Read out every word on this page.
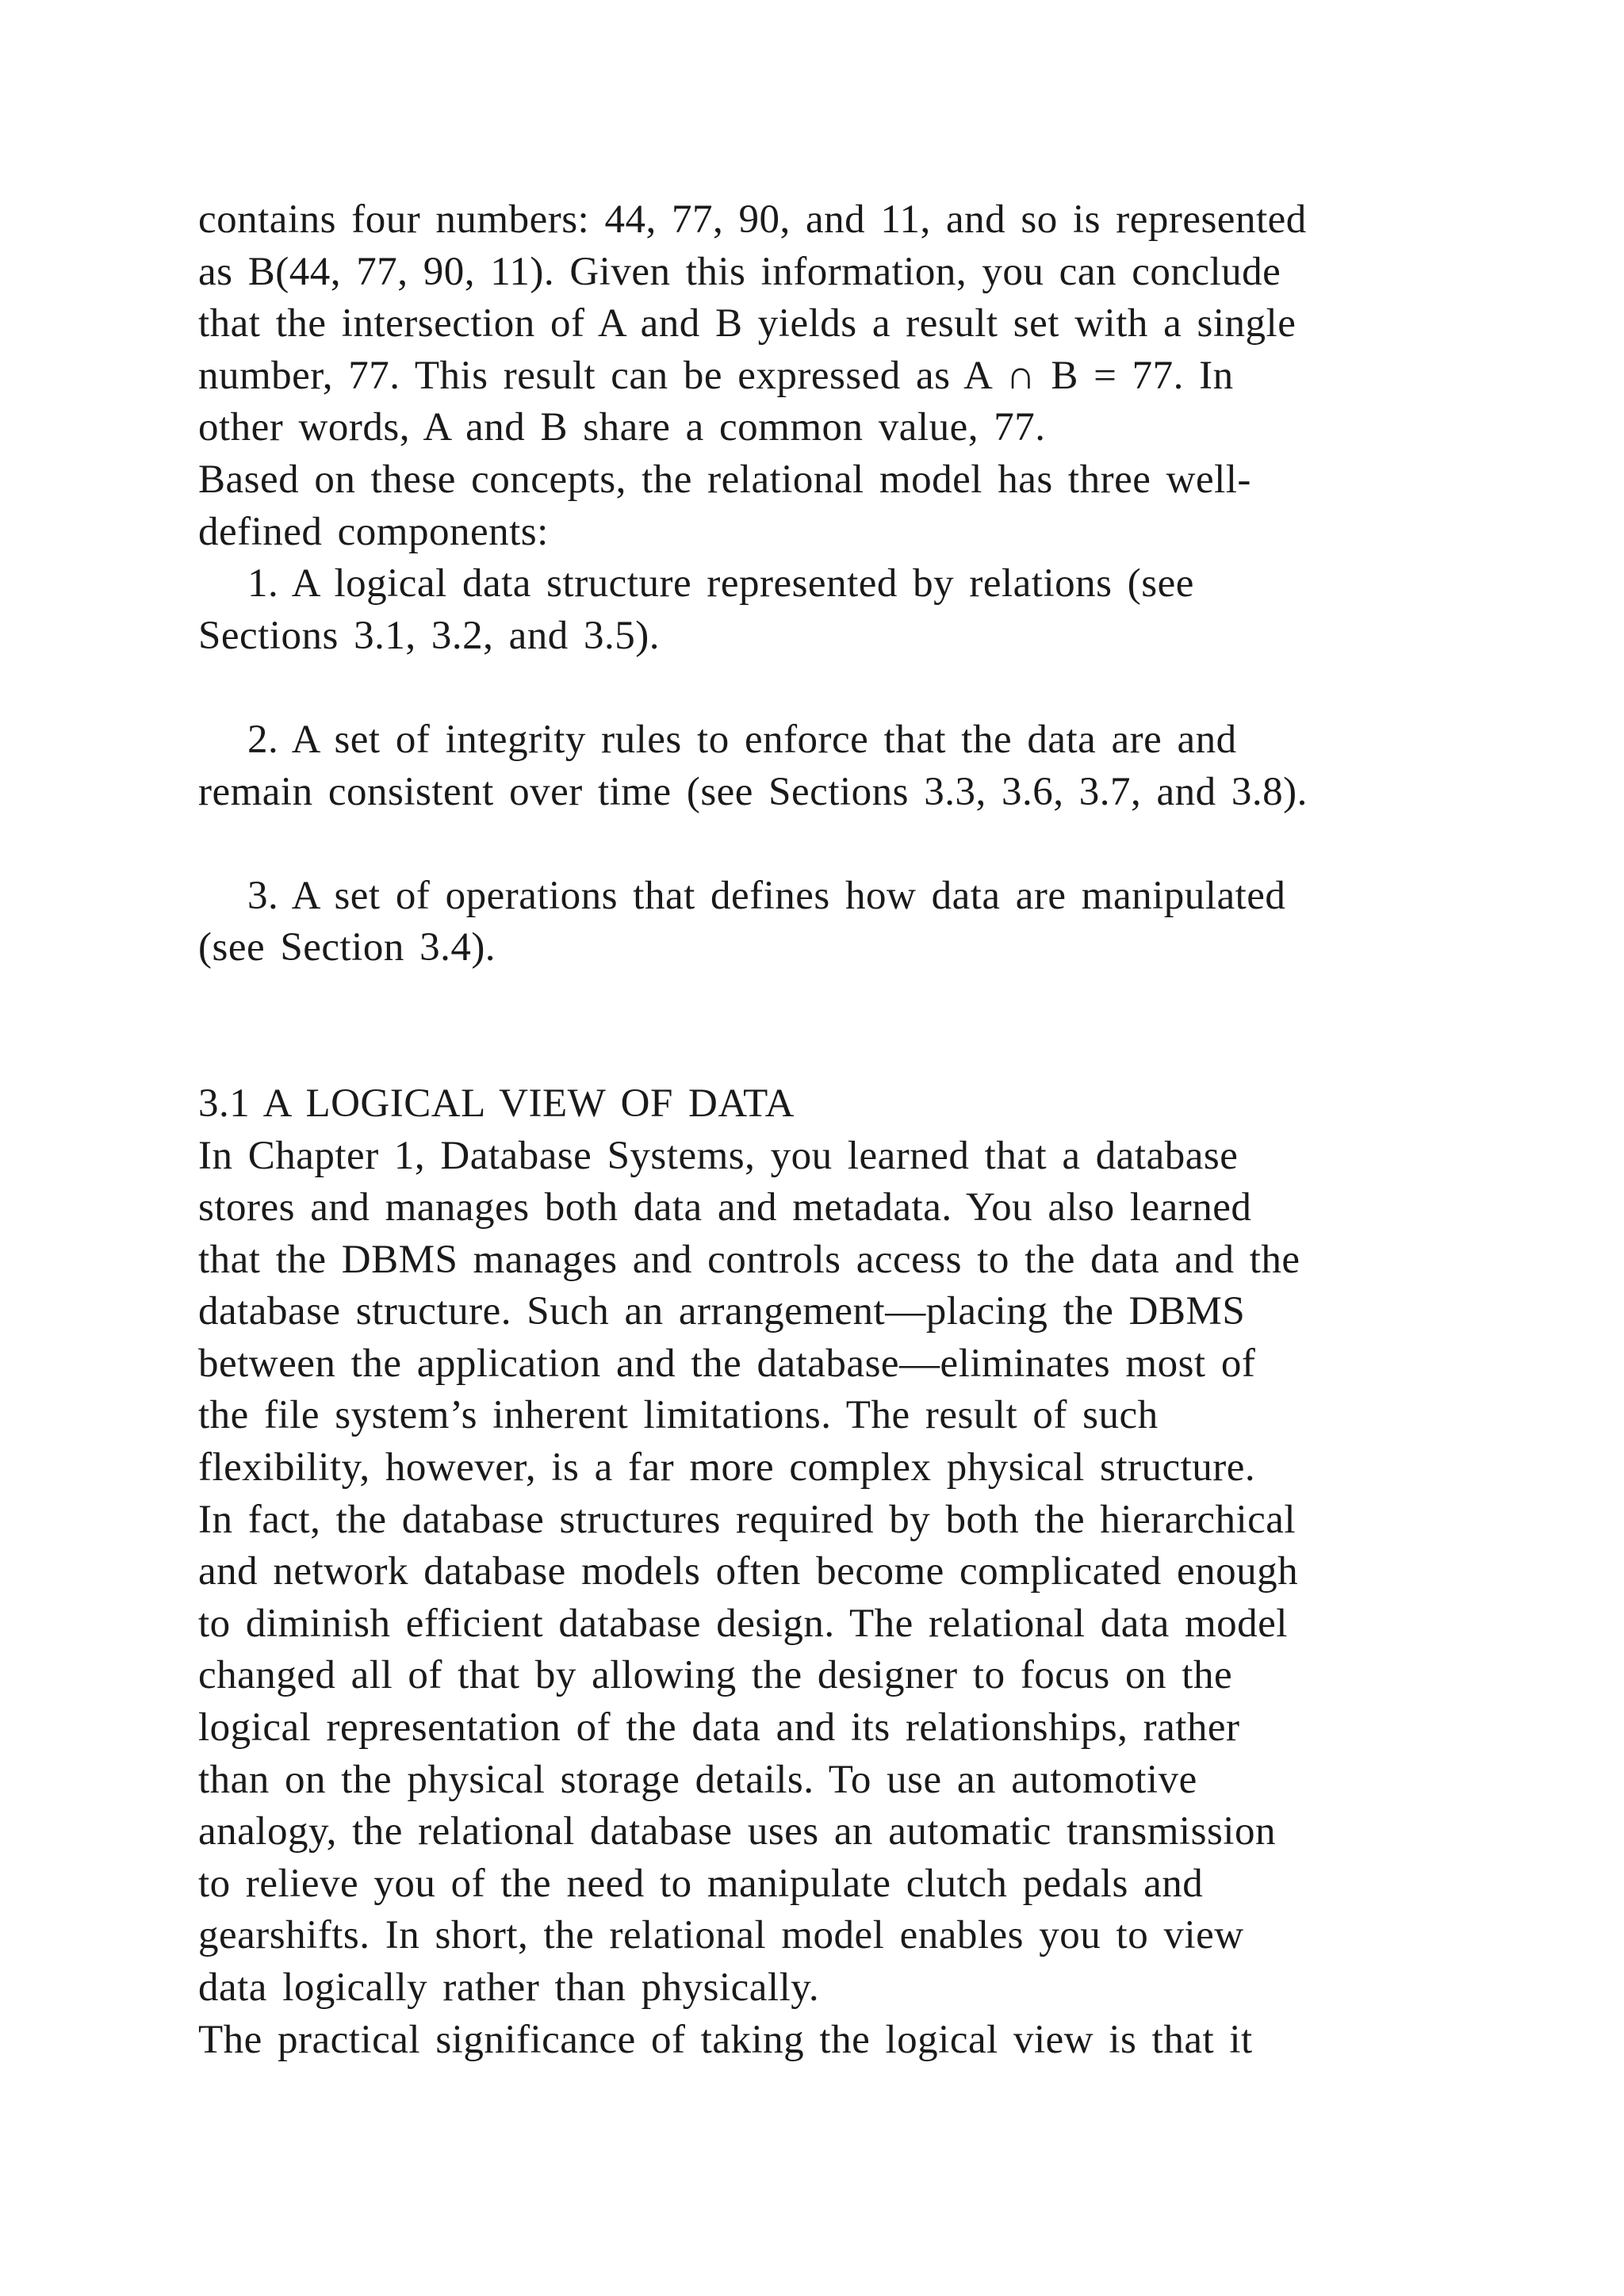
contains four numbers: 44, 77, 90, and 11, and so is represented
as B(44, 77, 90, 11). Given this information, you can conclude
that the intersection of A and B yields a result set with a single
number, 77. This result can be expressed as A ∩ B = 77. In
other words, A and B share a common value, 77.
Based on these concepts, the relational model has three well-
defined components:
1. A logical data structure represented by relations (see
Sections 3.1, 3.2, and 3.5).
2. A set of integrity rules to enforce that the data are and
remain consistent over time (see Sections 3.3, 3.6, 3.7, and 3.8).
3. A set of operations that defines how data are manipulated
(see Section 3.4).
3.1 A LOGICAL VIEW OF DATA
In Chapter 1, Database Systems, you learned that a database
stores and manages both data and metadata. You also learned
that the DBMS manages and controls access to the data and the
database structure. Such an arrangement—placing the DBMS
between the application and the database—eliminates most of
the file system’s inherent limitations. The result of such
flexibility, however, is a far more complex physical structure.
In fact, the database structures required by both the hierarchical
and network database models often become complicated enough
to diminish efficient database design. The relational data model
changed all of that by allowing the designer to focus on the
logical representation of the data and its relationships, rather
than on the physical storage details. To use an automotive
analogy, the relational database uses an automatic transmission
to relieve you of the need to manipulate clutch pedals and
gearshifts. In short, the relational model enables you to view
data logically rather than physically.
The practical significance of taking the logical view is that it
